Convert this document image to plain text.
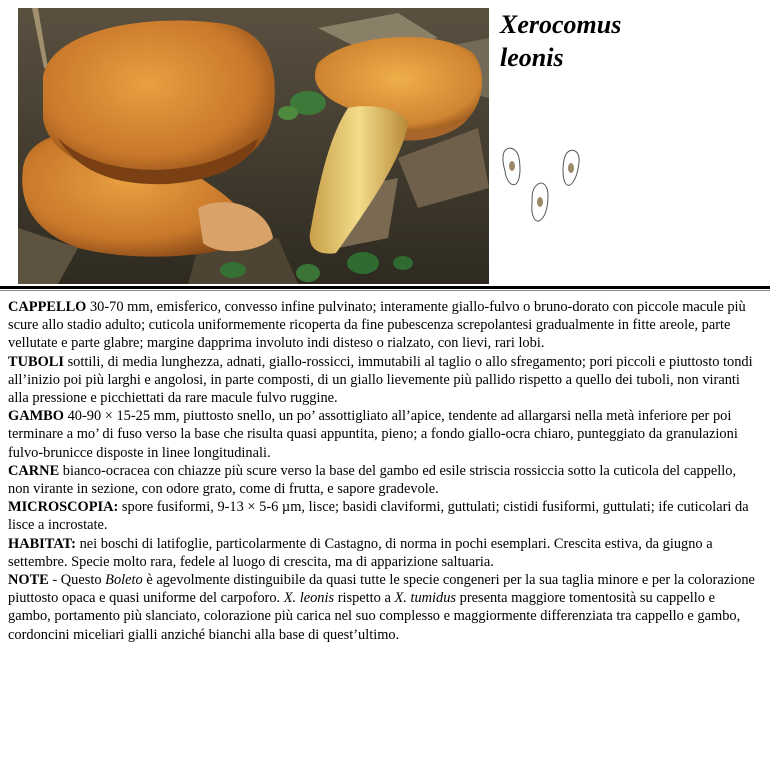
Xerocomus
leonis

CAPPELLO 30-70 mm, emisferico, convesso infine pulvinato; interamente giallo-fulvo o bruno-dorato con piccole macule più scure allo stadio adulto; cuticola uniformemente ricoperta da fine pubescenza screpolantesi gradualmente in fitte areole, parte vellutate e parte glabre; margine dapprima involuto indi disteso o rialzato, con lievi, rari lobi.

TUBOLI sottili, di media lunghezza, adnati, giallo-rossicci, immutabili al taglio o allo sfregamento; pori piccoli e piuttosto tondi all’inizio poi più larghi e angolosi, in parte composti, di un giallo lievemente più pallido rispetto a quello dei tuboli, non viranti alla pressione e picchiettati da rare macule fulvo ruggine.

GAMBO 40-90 × 15-25 mm, piuttosto snello, un po’ assottigliato all’apice, tendente ad allargarsi nella metà inferiore per poi terminare a mo’ di fuso verso la base che risulta quasi appuntita, pieno; a fondo giallo-ocra chiaro, punteggiato da granulazioni fulvo-brunicce disposte in linee longitudinali.

CARNE bianco-ocracea con chiazze più scure verso la base del gambo ed esile striscia rossiccia sotto la cuticola del cappello, non virante in sezione, con odore grato, come di frutta, e sapore gradevole.

MICROSCOPIA: spore fusiformi, 9-13 × 5-6 µm, lisce; basidi claviformi, guttulati; cistidi fusiformi, guttulati; ife cuticolari da lisce a incrostate.

HABITAT: nei boschi di latifoglie, particolarmente di Castagno, di norma in pochi esemplari. Crescita estiva, da giugno a settembre. Specie molto rara, fedele al luogo di crescita, ma di apparizione saltuaria.

NOTE - Questo Boleto è agevolmente distinguibile da quasi tutte le specie congeneri per la sua taglia minore e per la colorazione piuttosto opaca e quasi uniforme del carpoforo. X. leonis rispetto a X. tumidus presenta maggiore tomentosità su cappello e gambo, portamento più slanciato, colorazione più carica nel suo complesso e maggiormente differenziata tra cappello e gambo, cordoncini miceliari gialli anziché bianchi alla base di quest’ultimo.
